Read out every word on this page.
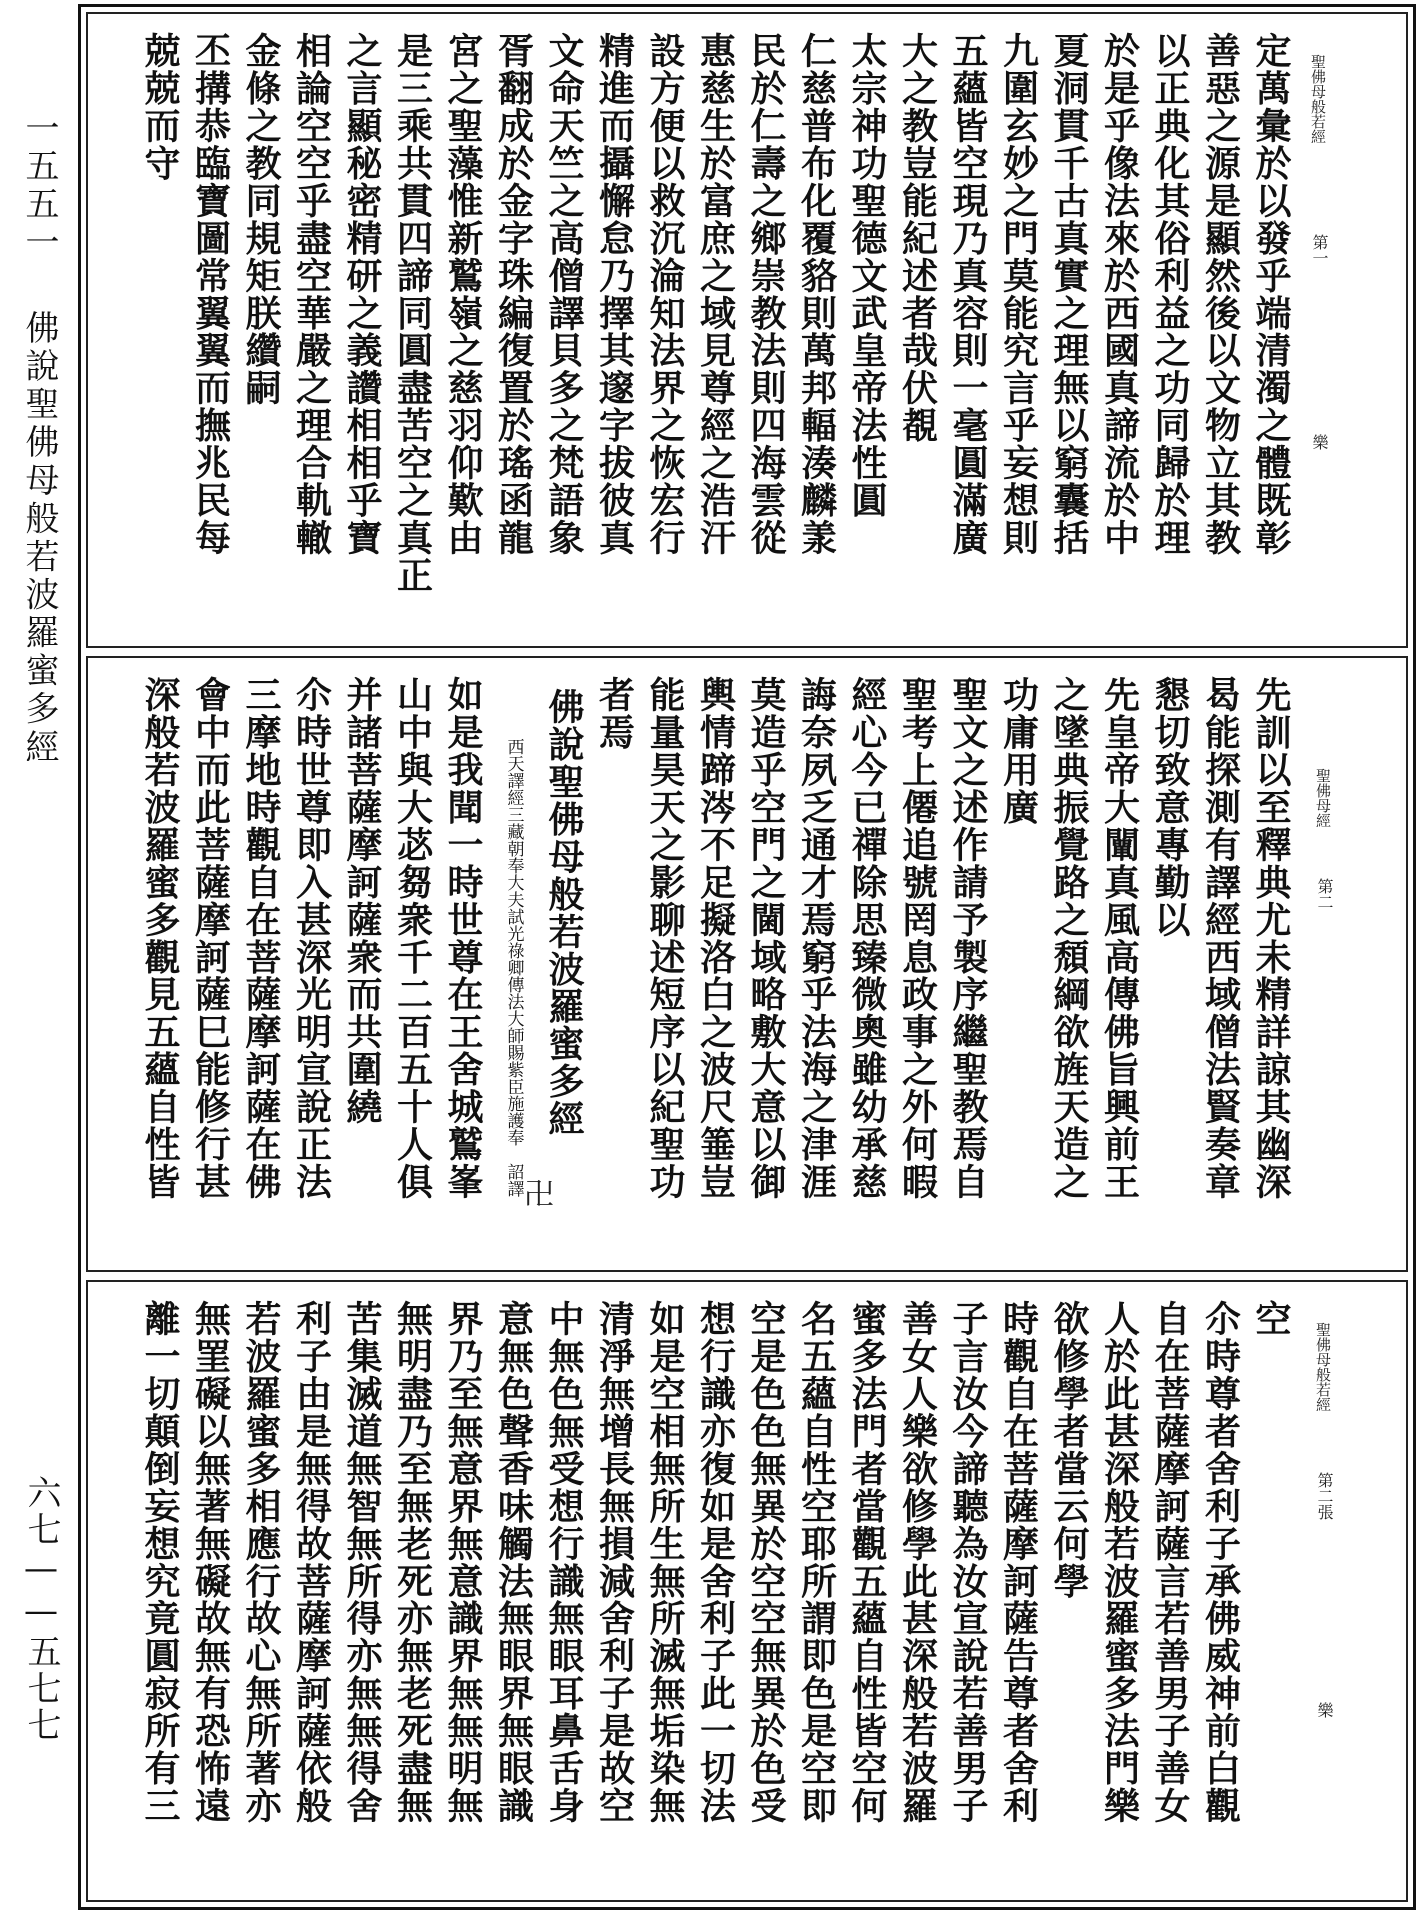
一五五一
佛說聖佛母般若波羅蜜多經
六七——五七七
聖佛母般若經
第一
樂
定萬彙於以發乎端清濁之體既彰
善惡之源是顯然後以文物立其教
以正典化其俗利益之功同歸於理
於是乎像法來於西國真諦流於中
夏洞貫千古真實之理無以窮囊括
九圍玄妙之門莫能究言乎妄想則
五蘊皆空現乃真容則一毫圓滿廣
大之教豈能紀述者哉伏覩
太宗神功聖德文武皇帝法性圓
仁慈普布化覆貉則萬邦輻湊麟羕
民於仁壽之鄉崇教法則四海雲從
惠慈生於富庶之域見尊經之浩汗
設方便以救沉淪知法界之恢宏行
精進而攝懈怠乃擇其邃字拔彼真
文命天竺之高僧譯貝多之梵語象
胥翻成於金字珠編復置於瑤函龍
宮之聖藻惟新鷲嶺之慈羽仰歎由
是三乘共貫四諦同圓盡苦空之真正
之言顯秘密精研之義讚相相乎寶
相論空空乎盡空華嚴之理合軌轍
金條之教同規矩朕纘嗣
丕搆恭臨寶圖常翼翼而撫兆民每
兢兢而守
聖佛母經
第二
先訓以至釋典尤未精詳諒其幽深
曷能探測有譯經西域僧法賢奏章
懇切致意專勤以
先皇帝大闡真風高傳佛旨興前王
之墜典振覺路之頹綱欲旌天造之
功庸用廣
聖文之述作請予製序繼聖教焉自
聖考上僊追號罔息政事之外何暇
經心今已禪除思臻微奧雖幼承慈
誨奈夙乏通才焉窮乎法海之津涯
莫造乎空門之閫域略敷大意以御
輿情蹄涔不足擬洛白之波尺箠豈
能量昊天之影聊述短序以紀聖功
者焉
佛說聖佛母般若波羅蜜多經
西天譯經三藏朝奉大夫試光祿卿傳法大師賜紫臣施護奉　詔譯
如是我聞一時世尊在王舍城鷲峯
山中與大苾芻衆千二百五十人俱
并諸菩薩摩訶薩衆而共圍繞
尒時世尊即入甚深光明宣說正法
三摩地時觀自在菩薩摩訶薩在佛
會中而此菩薩摩訶薩巳能修行甚
深般若波羅蜜多觀見五蘊自性皆	卍
聖佛母般若經
第二張
樂
空
尒時尊者舍利子承佛威神前白觀
自在菩薩摩訶薩言若善男子善女
人於此甚深般若波羅蜜多法門樂
欲修學者當云何學
時觀自在菩薩摩訶薩告尊者舍利
子言汝今諦聽為汝宣說若善男子
善女人樂欲修學此甚深般若波羅
蜜多法門者當觀五蘊自性皆空何
名五蘊自性空耶所謂即色是空即
空是色色無異於空空無異於色受
想行識亦復如是舍利子此一切法
如是空相無所生無所滅無垢染無
清淨無增長無損減舍利子是故空
中無色無受想行識無眼耳鼻舌身
意無色聲香味觸法無眼界無眼識
界乃至無意界無意識界無無明無
無明盡乃至無老死亦無老死盡無
苦集滅道無智無所得亦無無得舍
利子由是無得故菩薩摩訶薩依般
若波羅蜜多相應行故心無所著亦
無罣礙以無著無礙故無有恐怖遠
離一切顛倒妄想究竟圓寂所有三
